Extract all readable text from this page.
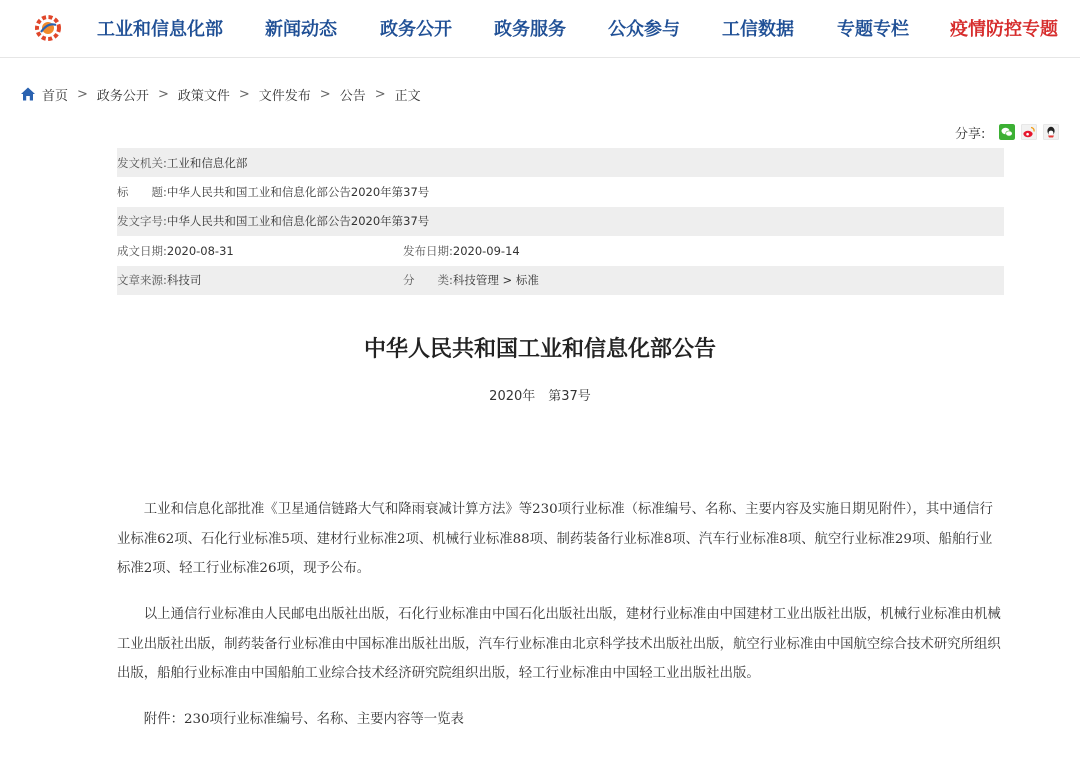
工业和信息化部 新闻动态 政务公开 政务服务 公众参与 工信数据 专题专栏 疫情防控专题
首页 > 政务公开 > 政策文件 > 文件发布 > 公告 > 正文
分享:
发文机关: 工业和信息化部
标　　题: 中华人民共和国工业和信息化部公告2020年第37号
发文字号: 中华人民共和国工业和信息化部公告2020年第37号
成文日期: 2020-08-31	发布日期: 2020-09-14
文章来源: 科技司	分　　类: 科技管理 > 标准
中华人民共和国工业和信息化部公告
2020年　第37号

工业和信息化部批准《卫星通信链路大气和降雨衰减计算方法》等230项行业标准（标准编号、名称、主要内容及实施日期见附件），其中通信行业标准62项、石化行业标准5项、建材行业标准2项、机械行业标准88项、制药装备行业标准8项、汽车行业标准8项、航空行业标准29项、船舶行业标准2项、轻工行业标准26项，现予公布。

以上通信行业标准由人民邮电出版社出版，石化行业标准由中国石化出版社出版，建材行业标准由中国建材工业出版社出版，机械行业标准由机械工业出版社出版，制药装备行业标准由中国标准出版社出版，汽车行业标准由北京科学技术出版社出版，航空行业标准由中国航空综合技术研究所组织出版，船舶行业标准由中国船舶工业综合技术经济研究院组织出版，轻工行业标准由中国轻工业出版社出版。

附件：230项行业标准编号、名称、主要内容等一览表
